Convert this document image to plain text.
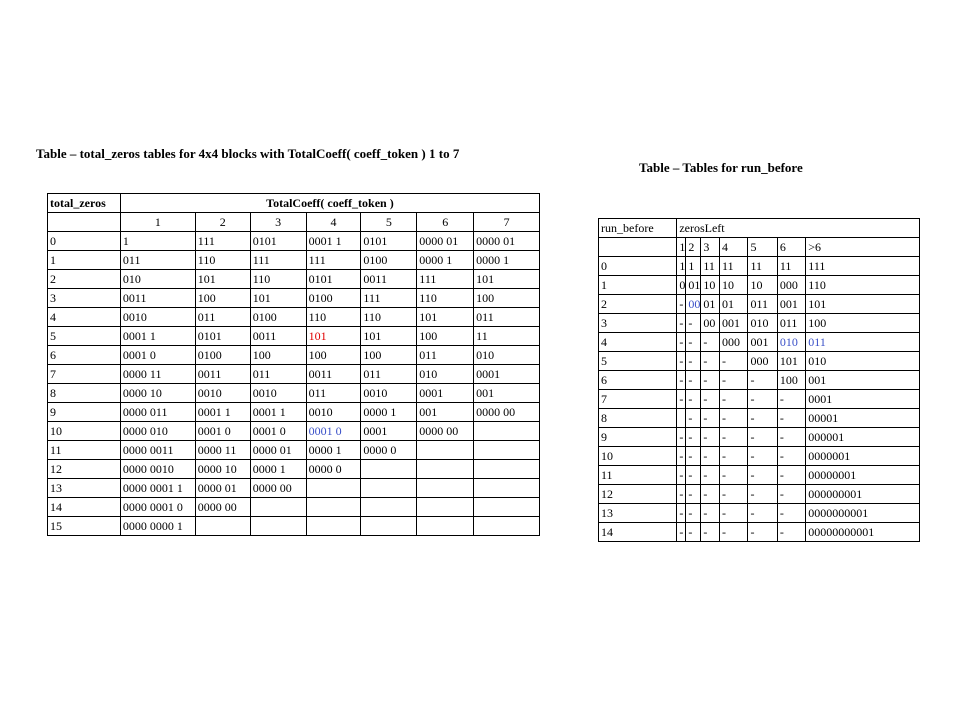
Table – total_zeros tables for 4x4 blocks with TotalCoeff( coeff_token ) 1 to 7
Table – Tables for run_before
total_zeros	TotalCoeff( coeff_token )						
	1	2	3	4	5	6	7
0	1	111	0101	0001 1	0101	0000 01	0000 01
1	011	110	111	111	0100	0000 1	0000 1
2	010	101	110	0101	0011	111	101
3	0011	100	101	0100	111	110	100
4	0010	011	0100	110	110	101	011
5	0001 1	0101	0011	101	101	100	11
6	0001 0	0100	100	100	100	011	010
7	0000 11	0011	011	0011	011	010	0001
8	0000 10	0010	0010	011	0010	0001	001
9	0000 011	0001 1	0001 1	0010	0000 1	001	0000 00
10	0000 010	0001 0	0001 0	0001 0	0001	0000 00	
11	0000 0011	0000 11	0000 01	0000 1	0000 0		
12	0000 0010	0000 10	0000 1	0000 0			
13	0000 0001 1	0000 01	0000 00				
14	0000 0001 0	0000 00					
15	0000 0000 1						
run_before	zerosLeft						
	1	2	3	4	5	6	>6
0	1	1	11	11	11	11	111
1	0	01	10	10	10	000	110
2	-	00	01	01	011	001	101
3	-	-	00	001	010	011	100
4	-	-	-	000	001	010	011
5	-	-	-	-	000	101	010
6	-	-	-	-	-	100	001
7	-	-	-	-	-	-	0001
8		-	-	-	-	-	00001
9	-	-	-	-	-	-	000001
10	-	-	-	-	-	-	0000001
11	-	-	-	-	-	-	00000001
12	-	-	-	-	-	-	000000001
13	-	-	-	-	-	-	0000000001
14	-	-	-	-	-	-	00000000001
